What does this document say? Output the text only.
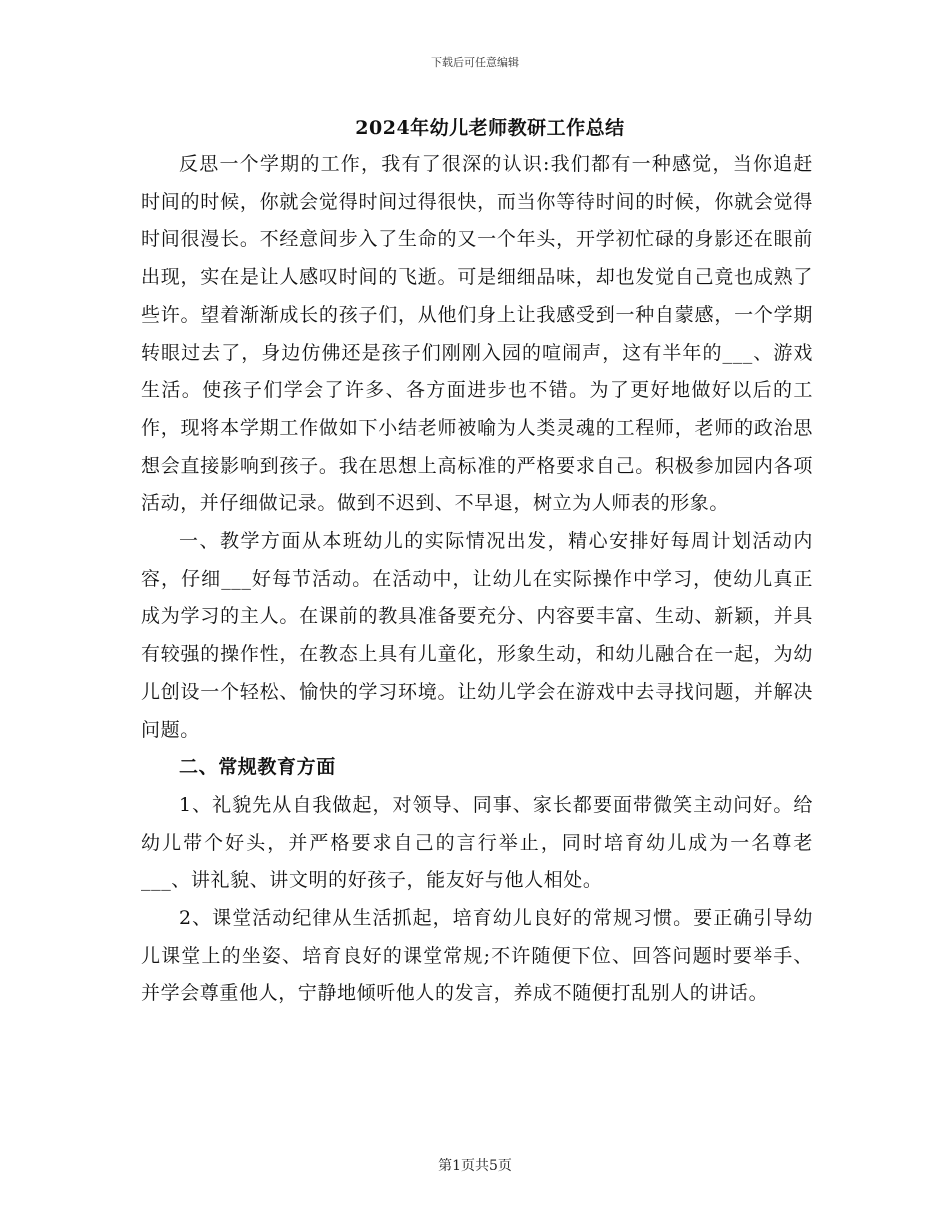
下载后可任意编辑
2024年幼儿老师教研工作总结

反思一个学期的工作，我有了很深的认识:我们都有一种感觉，当你追赶时间的时候，你就会觉得时间过得很快，而当你等待时间的时候，你就会觉得时间很漫长。不经意间步入了生命的又一个年头，开学初忙碌的身影还在眼前出现，实在是让人感叹时间的飞逝。可是细细品味，却也发觉自己竟也成熟了些许。望着渐渐成长的孩子们，从他们身上让我感受到一种自蒙感，一个学期转眼过去了，身边仿佛还是孩子们刚刚入园的喧闹声，这有半年的___、游戏生活。使孩子们学会了许多、各方面进步也不错。为了更好地做好以后的工作，现将本学期工作做如下小结老师被喻为人类灵魂的工程师，老师的政治思想会直接影响到孩子。我在思想上高标准的严格要求自己。积极参加园内各项活动，并仔细做记录。做到不迟到、不早退，树立为人师表的形象。

一、教学方面从本班幼儿的实际情况出发，精心安排好每周计划活动内容，仔细___好每节活动。在活动中，让幼儿在实际操作中学习，使幼儿真正成为学习的主人。在课前的教具准备要充分、内容要丰富、生动、新颖，并具有较强的操作性，在教态上具有儿童化，形象生动，和幼儿融合在一起，为幼儿创设一个轻松、愉快的学习环境。让幼儿学会在游戏中去寻找问题，并解决问题。

二、常规教育方面

1、礼貌先从自我做起，对领导、同事、家长都要面带微笑主动问好。给幼儿带个好头，并严格要求自己的言行举止，同时培育幼儿成为一名尊老___、讲礼貌、讲文明的好孩子，能友好与他人相处。

2、课堂活动纪律从生活抓起，培育幼儿良好的常规习惯。要正确引导幼儿课堂上的坐姿、培育良好的课堂常规;不许随便下位、回答问题时要举手、并学会尊重他人，宁静地倾听他人的发言，养成不随便打乱别人的讲话。

第1页共5页
